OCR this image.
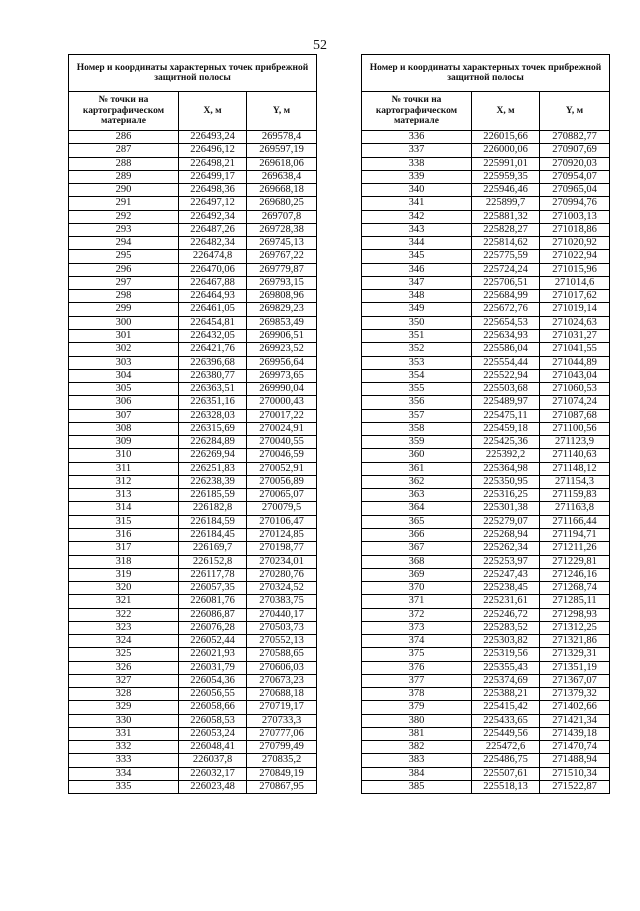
52
Номер и координаты характерных точек прибрежной защитной полосы		
№ точки на картографическом материале	X, м	Y, м
286	226493,24	269578,4
287	226496,12	269597,19
288	226498,21	269618,06
289	226499,17	269638,4
290	226498,36	269668,18
291	226497,12	269680,25
292	226492,34	269707,8
293	226487,26	269728,38
294	226482,34	269745,13
295	226474,8	269767,22
296	226470,06	269779,87
297	226467,88	269793,15
298	226464,93	269808,96
299	226461,05	269829,23
300	226454,81	269853,49
301	226432,05	269906,51
302	226421,76	269923,52
303	226396,68	269956,64
304	226380,77	269973,65
305	226363,51	269990,04
306	226351,16	270000,43
307	226328,03	270017,22
308	226315,69	270024,91
309	226284,89	270040,55
310	226269,94	270046,59
311	226251,83	270052,91
312	226238,39	270056,89
313	226185,59	270065,07
314	226182,8	270079,5
315	226184,59	270106,47
316	226184,45	270124,85
317	226169,7	270198,77
318	226152,8	270234,01
319	226117,78	270280,76
320	226057,35	270324,52
321	226081,76	270383,75
322	226086,87	270440,17
323	226076,28	270503,73
324	226052,44	270552,13
325	226021,93	270588,65
326	226031,79	270606,03
327	226054,36	270673,23
328	226056,55	270688,18
329	226058,66	270719,17
330	226058,53	270733,3
331	226053,24	270777,06
332	226048,41	270799,49
333	226037,8	270835,2
334	226032,17	270849,19
335	226023,48	270867,95
Номер и координаты характерных точек прибрежной защитной полосы		
№ точки на картографическом материале	X, м	Y, м
336	226015,66	270882,77
337	226000,06	270907,69
338	225991,01	270920,03
339	225959,35	270954,07
340	225946,46	270965,04
341	225899,7	270994,76
342	225881,32	271003,13
343	225828,27	271018,86
344	225814,62	271020,92
345	225775,59	271022,94
346	225724,24	271015,96
347	225706,51	271014,6
348	225684,99	271017,62
349	225672,76	271019,14
350	225654,53	271024,63
351	225634,93	271031,27
352	225586,04	271041,55
353	225554,44	271044,89
354	225522,94	271043,04
355	225503,68	271060,53
356	225489,97	271074,24
357	225475,11	271087,68
358	225459,18	271100,56
359	225425,36	271123,9
360	225392,2	271140,63
361	225364,98	271148,12
362	225350,95	271154,3
363	225316,25	271159,83
364	225301,38	271163,8
365	225279,07	271166,44
366	225268,94	271194,71
367	225262,34	271211,26
368	225253,97	271229,81
369	225247,43	271246,16
370	225238,45	271268,74
371	225231,61	271285,11
372	225246,72	271298,93
373	225283,52	271312,25
374	225303,82	271321,86
375	225319,56	271329,31
376	225355,43	271351,19
377	225374,69	271367,07
378	225388,21	271379,32
379	225415,42	271402,66
380	225433,65	271421,34
381	225449,56	271439,18
382	225472,6	271470,74
383	225486,75	271488,94
384	225507,61	271510,34
385	225518,13	271522,87
